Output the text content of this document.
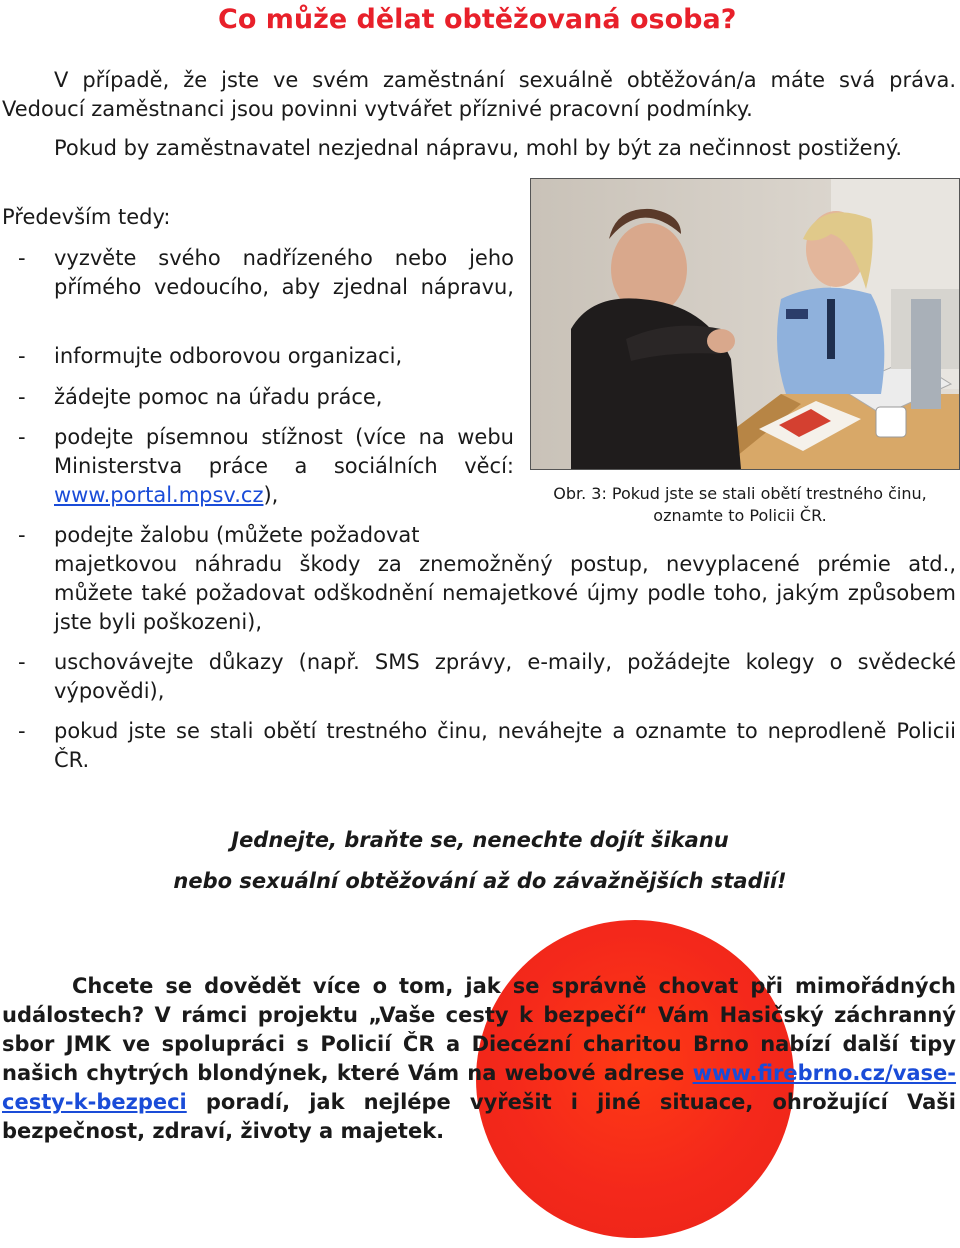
Co může dělat obtěžovaná osoba?
V případě, že jste ve svém zaměstnání sexuálně obtěžován/a máte svá práva. Vedoucí zaměstnanci jsou povinni vytvářet příznivé pracovní podmínky.
Pokud by zaměstnavatel nezjednal nápravu, mohl by být za nečinnost postižený.
Především tedy:
Obr. 3: Pokud jste se stali obětí trestného činu, oznamte to Policii ČR.
- vyzvěte svého nadřízeného nebo jeho přímého vedoucího, aby zjednal nápravu,
- informujte odborovou organizaci,
- žádejte pomoc na úřadu práce,
- podejte písemnou stížnost (více na webu Ministerstva práce a sociálních věcí: www.portal.mpsv.cz),
- podejte žalobu (můžete požadovat
majetkovou náhradu škody za znemožněný postup, nevyplacené prémie atd., můžete také požadovat odškodnění nemajetkové újmy podle toho, jakým způsobem jste byli poškozeni),
- uschovávejte důkazy (např. SMS zprávy, e-maily, požádejte kolegy o svědecké výpovědi),
- pokud jste se stali obětí trestného činu, neváhejte a oznamte to neprodleně Policii ČR.
Jednejte, braňte se, nenechte dojít šikanu
nebo sexuální obtěžování až do závažnějších stadií!
Chcete se dovědět více o tom, jak se správně chovat při mimořádných událostech? V rámci projektu „Vaše cesty k bezpečí“ Vám Hasičský záchranný sbor JMK ve spolupráci s Policií ČR a Diecézní charitou Brno nabízí další tipy našich chytrých blondýnek, které Vám na webové adrese www.firebrno.cz/vase-cesty-k-bezpeci poradí, jak nejlépe vyřešit i jiné situace, ohrožující Vaši bezpečnost, zdraví, životy a majetek.
